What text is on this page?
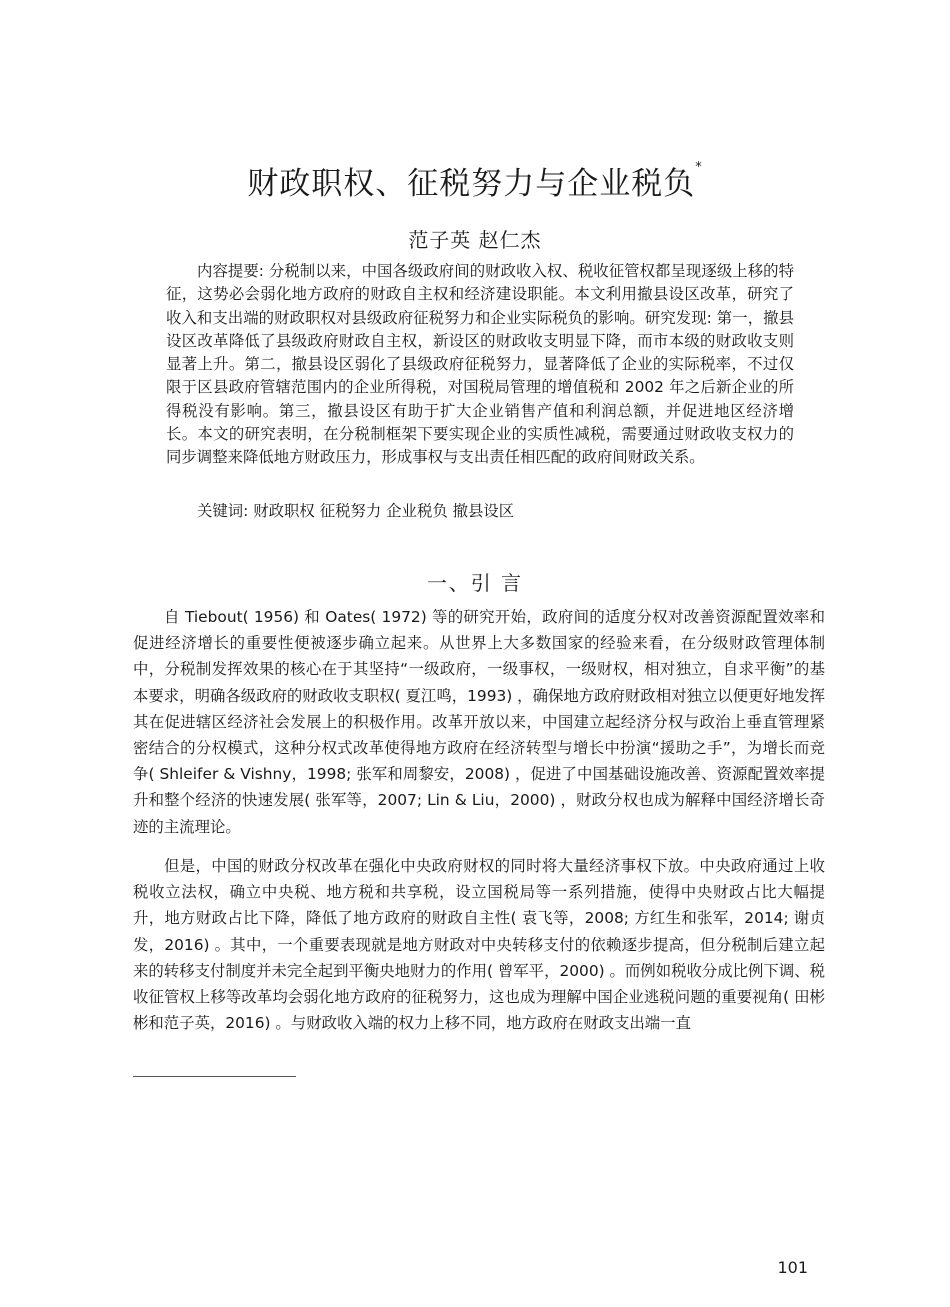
财政职权、征税努力与企业税负*
范子英 赵仁杰

内容提要: 分税制以来，中国各级政府间的财政收入权、税收征管权都呈现逐级上移的特征，这势必会弱化地方政府的财政自主权和经济建设职能。本文利用撤县设区改革，研究了收入和支出端的财政职权对县级政府征税努力和企业实际税负的影响。研究发现: 第一，撤县设区改革降低了县级政府财政自主权，新设区的财政收支明显下降，而市本级的财政收支则显著上升。第二，撤县设区弱化了县级政府征税努力，显著降低了企业的实际税率，不过仅限于区县政府管辖范围内的企业所得税，对国税局管理的增值税和 2002 年之后新企业的所得税没有影响。第三，撤县设区有助于扩大企业销售产值和利润总额，并促进地区经济增长。本文的研究表明，在分税制框架下要实现企业的实质性减税，需要通过财政收支权力的同步调整来降低地方财政压力，形成事权与支出责任相匹配的政府间财政关系。

关键词: 财政职权 征税努力 企业税负 撤县设区

一、引 言

自 Tiebout( 1956) 和 Oates( 1972) 等的研究开始，政府间的适度分权对改善资源配置效率和促进经济增长的重要性便被逐步确立起来。从世界上大多数国家的经验来看，在分级财政管理体制中，分税制发挥效果的核心在于其坚持“一级政府，一级事权，一级财权，相对独立，自求平衡”的基本要求，明确各级政府的财政收支职权( 夏江鸣，1993) ，确保地方政府财政相对独立以便更好地发挥其在促进辖区经济社会发展上的积极作用。改革开放以来，中国建立起经济分权与政治上垂直管理紧密结合的分权模式，这种分权式改革使得地方政府在经济转型与增长中扮演“援助之手”，为增长而竞争( Shleifer & Vishny，1998; 张军和周黎安，2008) ，促进了中国基础设施改善、资源配置效率提升和整个经济的快速发展( 张军等，2007; Lin & Liu，2000) ，财政分权也成为解释中国经济增长奇迹的主流理论。

但是，中国的财政分权改革在强化中央政府财权的同时将大量经济事权下放。中央政府通过上收税收立法权，确立中央税、地方税和共享税，设立国税局等一系列措施，使得中央财政占比大幅提升，地方财政占比下降，降低了地方政府的财政自主性( 袁飞等，2008; 方红生和张军，2014; 谢贞发，2016) 。其中，一个重要表现就是地方财政对中央转移支付的依赖逐步提高，但分税制后建立起来的转移支付制度并未完全起到平衡央地财力的作用( 曾军平，2000) 。而例如税收分成比例下调、税收征管权上移等改革均会弱化地方政府的征税努力，这也成为理解中国企业逃税问题的重要视角( 田彬彬和范子英，2016) 。与财政收入端的权力上移不同，地方政府在财政支出端一直

101
